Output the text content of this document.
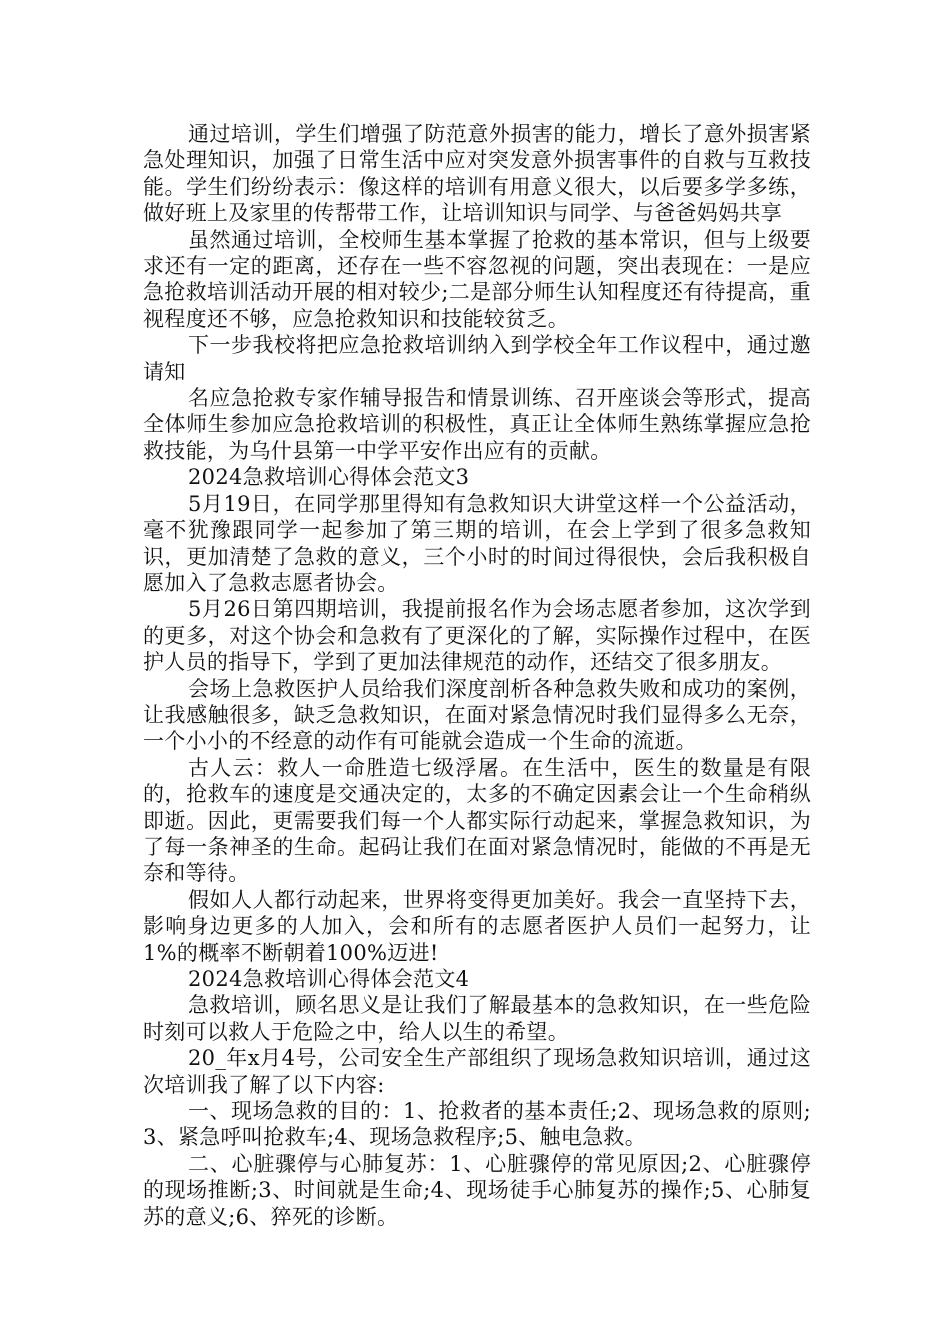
通过培训，学生们增强了防范意外损害的能力，增长了意外损害紧急处理知识，加强了日常生活中应对突发意外损害事件的自救与互救技能。学生们纷纷表示：像这样的培训有用意义很大，以后要多学多练，做好班上及家里的传帮带工作，让培训知识与同学、与爸爸妈妈共享

虽然通过培训，全校师生基本掌握了抢救的基本常识，但与上级要求还有一定的距离，还存在一些不容忽视的问题，突出表现在：一是应急抢救培训活动开展的相对较少;二是部分师生认知程度还有待提高，重视程度还不够，应急抢救知识和技能较贫乏。

下一步我校将把应急抢救培训纳入到学校全年工作议程中，通过邀请知

名应急抢救专家作辅导报告和情景训练、召开座谈会等形式，提高全体师生参加应急抢救培训的积极性，真正让全体师生熟练掌握应急抢救技能，为乌什县第一中学平安作出应有的贡献。

2024急救培训心得体会范文3

5月19日，在同学那里得知有急救知识大讲堂这样一个公益活动，毫不犹豫跟同学一起参加了第三期的培训，在会上学到了很多急救知识，更加清楚了急救的意义，三个小时的时间过得很快，会后我积极自愿加入了急救志愿者协会。

5月26日第四期培训，我提前报名作为会场志愿者参加，这次学到的更多，对这个协会和急救有了更深化的了解，实际操作过程中，在医护人员的指导下，学到了更加法律规范的动作，还结交了很多朋友。

会场上急救医护人员给我们深度剖析各种急救失败和成功的案例，让我感触很多，缺乏急救知识，在面对紧急情况时我们显得多么无奈，一个小小的不经意的动作有可能就会造成一个生命的流逝。

古人云：救人一命胜造七级浮屠。在生活中，医生的数量是有限的，抢救车的速度是交通决定的，太多的不确定因素会让一个生命稍纵即逝。因此，更需要我们每一个人都实际行动起来，掌握急救知识，为了每一条神圣的生命。起码让我们在面对紧急情况时，能做的不再是无奈和等待。

假如人人都行动起来，世界将变得更加美好。我会一直坚持下去，影响身边更多的人加入，会和所有的志愿者医护人员们一起努力，让1%的概率不断朝着100%迈进!

2024急救培训心得体会范文4

急救培训，顾名思义是让我们了解最基本的急救知识，在一些危险时刻可以救人于危险之中，给人以生的希望。

20_年x月4号，公司安全生产部组织了现场急救知识培训，通过这次培训我了解了以下内容:

一、现场急救的目的：1、抢救者的基本责任;2、现场急救的原则;3、紧急呼叫抢救车;4、现场急救程序;5、触电急救。

二、心脏骤停与心肺复苏：1、心脏骤停的常见原因;2、心脏骤停的现场推断;3、时间就是生命;4、现场徒手心肺复苏的操作;5、心肺复苏的意义;6、猝死的诊断。
